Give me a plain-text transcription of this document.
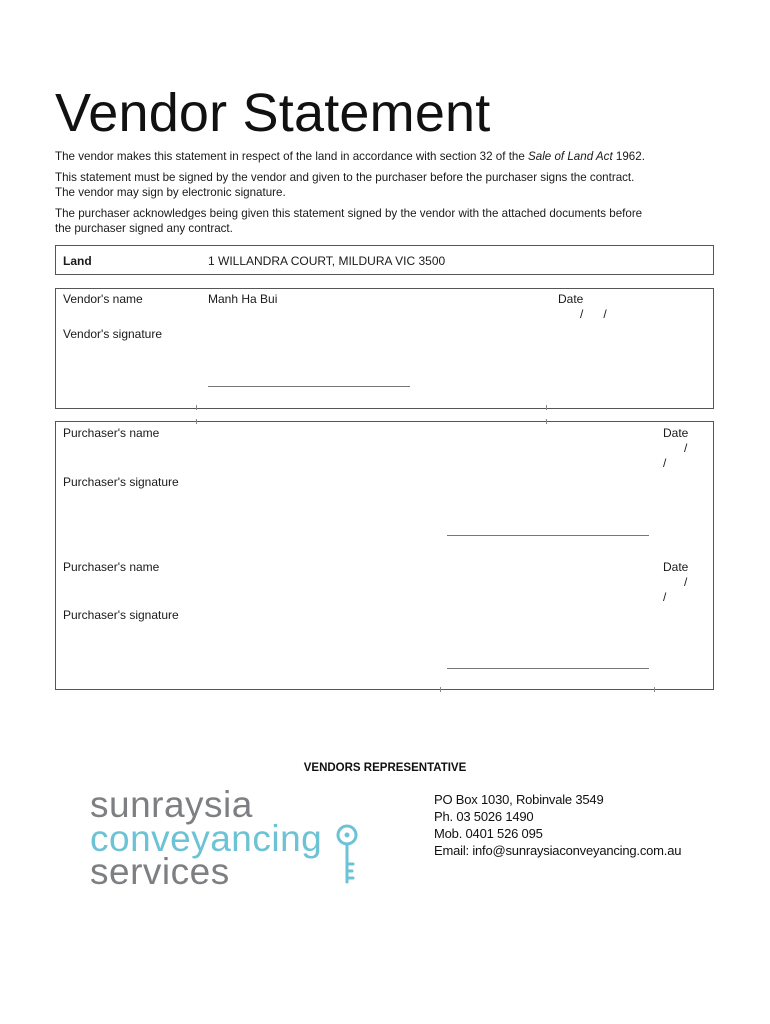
Vendor Statement
The vendor makes this statement in respect of the land in accordance with section 32 of the Sale of Land Act 1962.
This statement must be signed by the vendor and given to the purchaser before the purchaser signs the contract.
The vendor may sign by electronic signature.
The purchaser acknowledges being given this statement signed by the vendor with the attached documents before
the purchaser signed any contract.
Land	1 WILLANDRA COURT, MILDURA VIC 3500
Vendor's name	Manh Ha Bui	Date
/      /
Vendor's signature
Purchaser's name	Date
/
/
Purchaser's signature
Purchaser's name	Date
/
/
Purchaser's signature
VENDORS REPRESENTATIVE
sunraysia
conveyancing
services
PO Box 1030, Robinvale 3549
Ph. 03 5026 1490
Mob. 0401 526 095
Email: info@sunraysiaconveyancing.com.au
